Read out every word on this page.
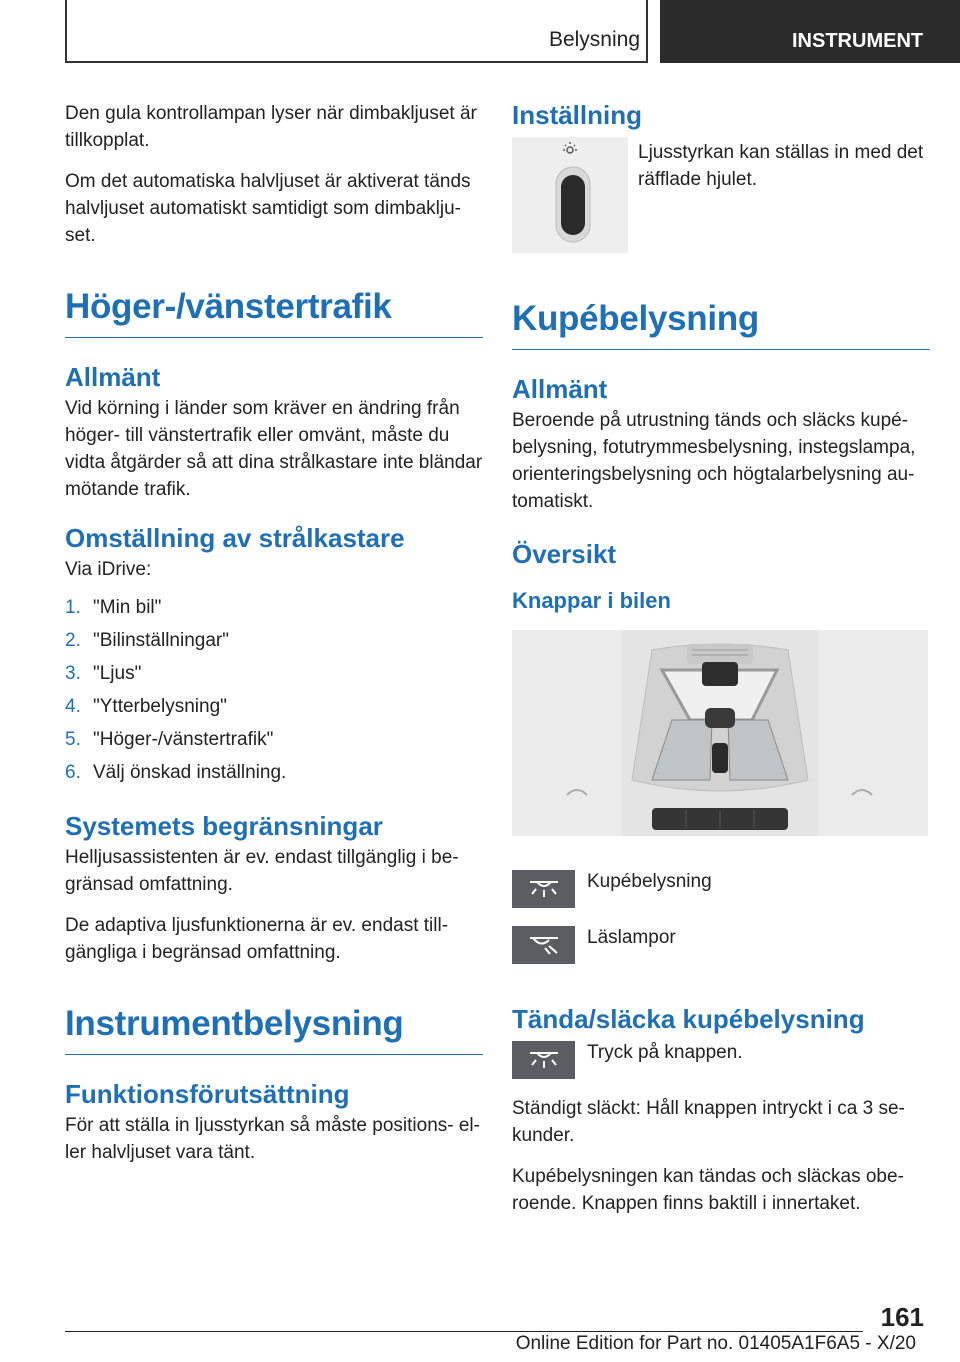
Belysning	INSTRUMENT

Den gula kontrollampan lyser när dimbakljuset är tillkopplat.

Om det automatiska halvljuset är aktiverat tänds halvljuset automatiskt samtidigt som dimbakljuset.

Höger-/vänstertrafik
Allmänt

Vid körning i länder som kräver en ändring från höger- till vänstertrafik eller omvänt, måste du vidta åtgärder så att dina strålkastare inte bländar mötande trafik.

Omställning av strålkastare

Via iDrive:

1. "Min bil"
2. "Bilinställningar"
3. "Ljus"
4. "Ytterbelysning"
5. "Höger-/vänstertrafik"
6. Välj önskad inställning.
Systemets begränsningar

Helljusassistenten är ev. endast tillgänglig i begränsad omfattning.

De adaptiva ljusfunktionerna är ev. endast tillgängliga i begränsad omfattning.

Instrumentbelysning
Funktionsförutsättning

För att ställa in ljusstyrkan så måste positions- eller halvljuset vara tänt.

Inställning

Ljusstyrkan kan ställas in med det räfflade hjulet.

Kupébelysning
Allmänt

Beroende på utrustning tänds och släcks kupébelysning, fotutrymmesbelysning, instegslampa, orienteringsbelysning och högtalarbelysning automatiskt.

Översikt
Knappar i bilen
Kupébelysning
Läslampor
Tända/släcka kupébelysning
Tryck på knappen.

Ständigt släckt: Håll knappen intryckt i ca 3 sekunder.

Kupébelysningen kan tändas och släckas oberoende. Knappen finns baktill i innertaket.

161
Online Edition for Part no. 01405A1F6A5 - X/20
